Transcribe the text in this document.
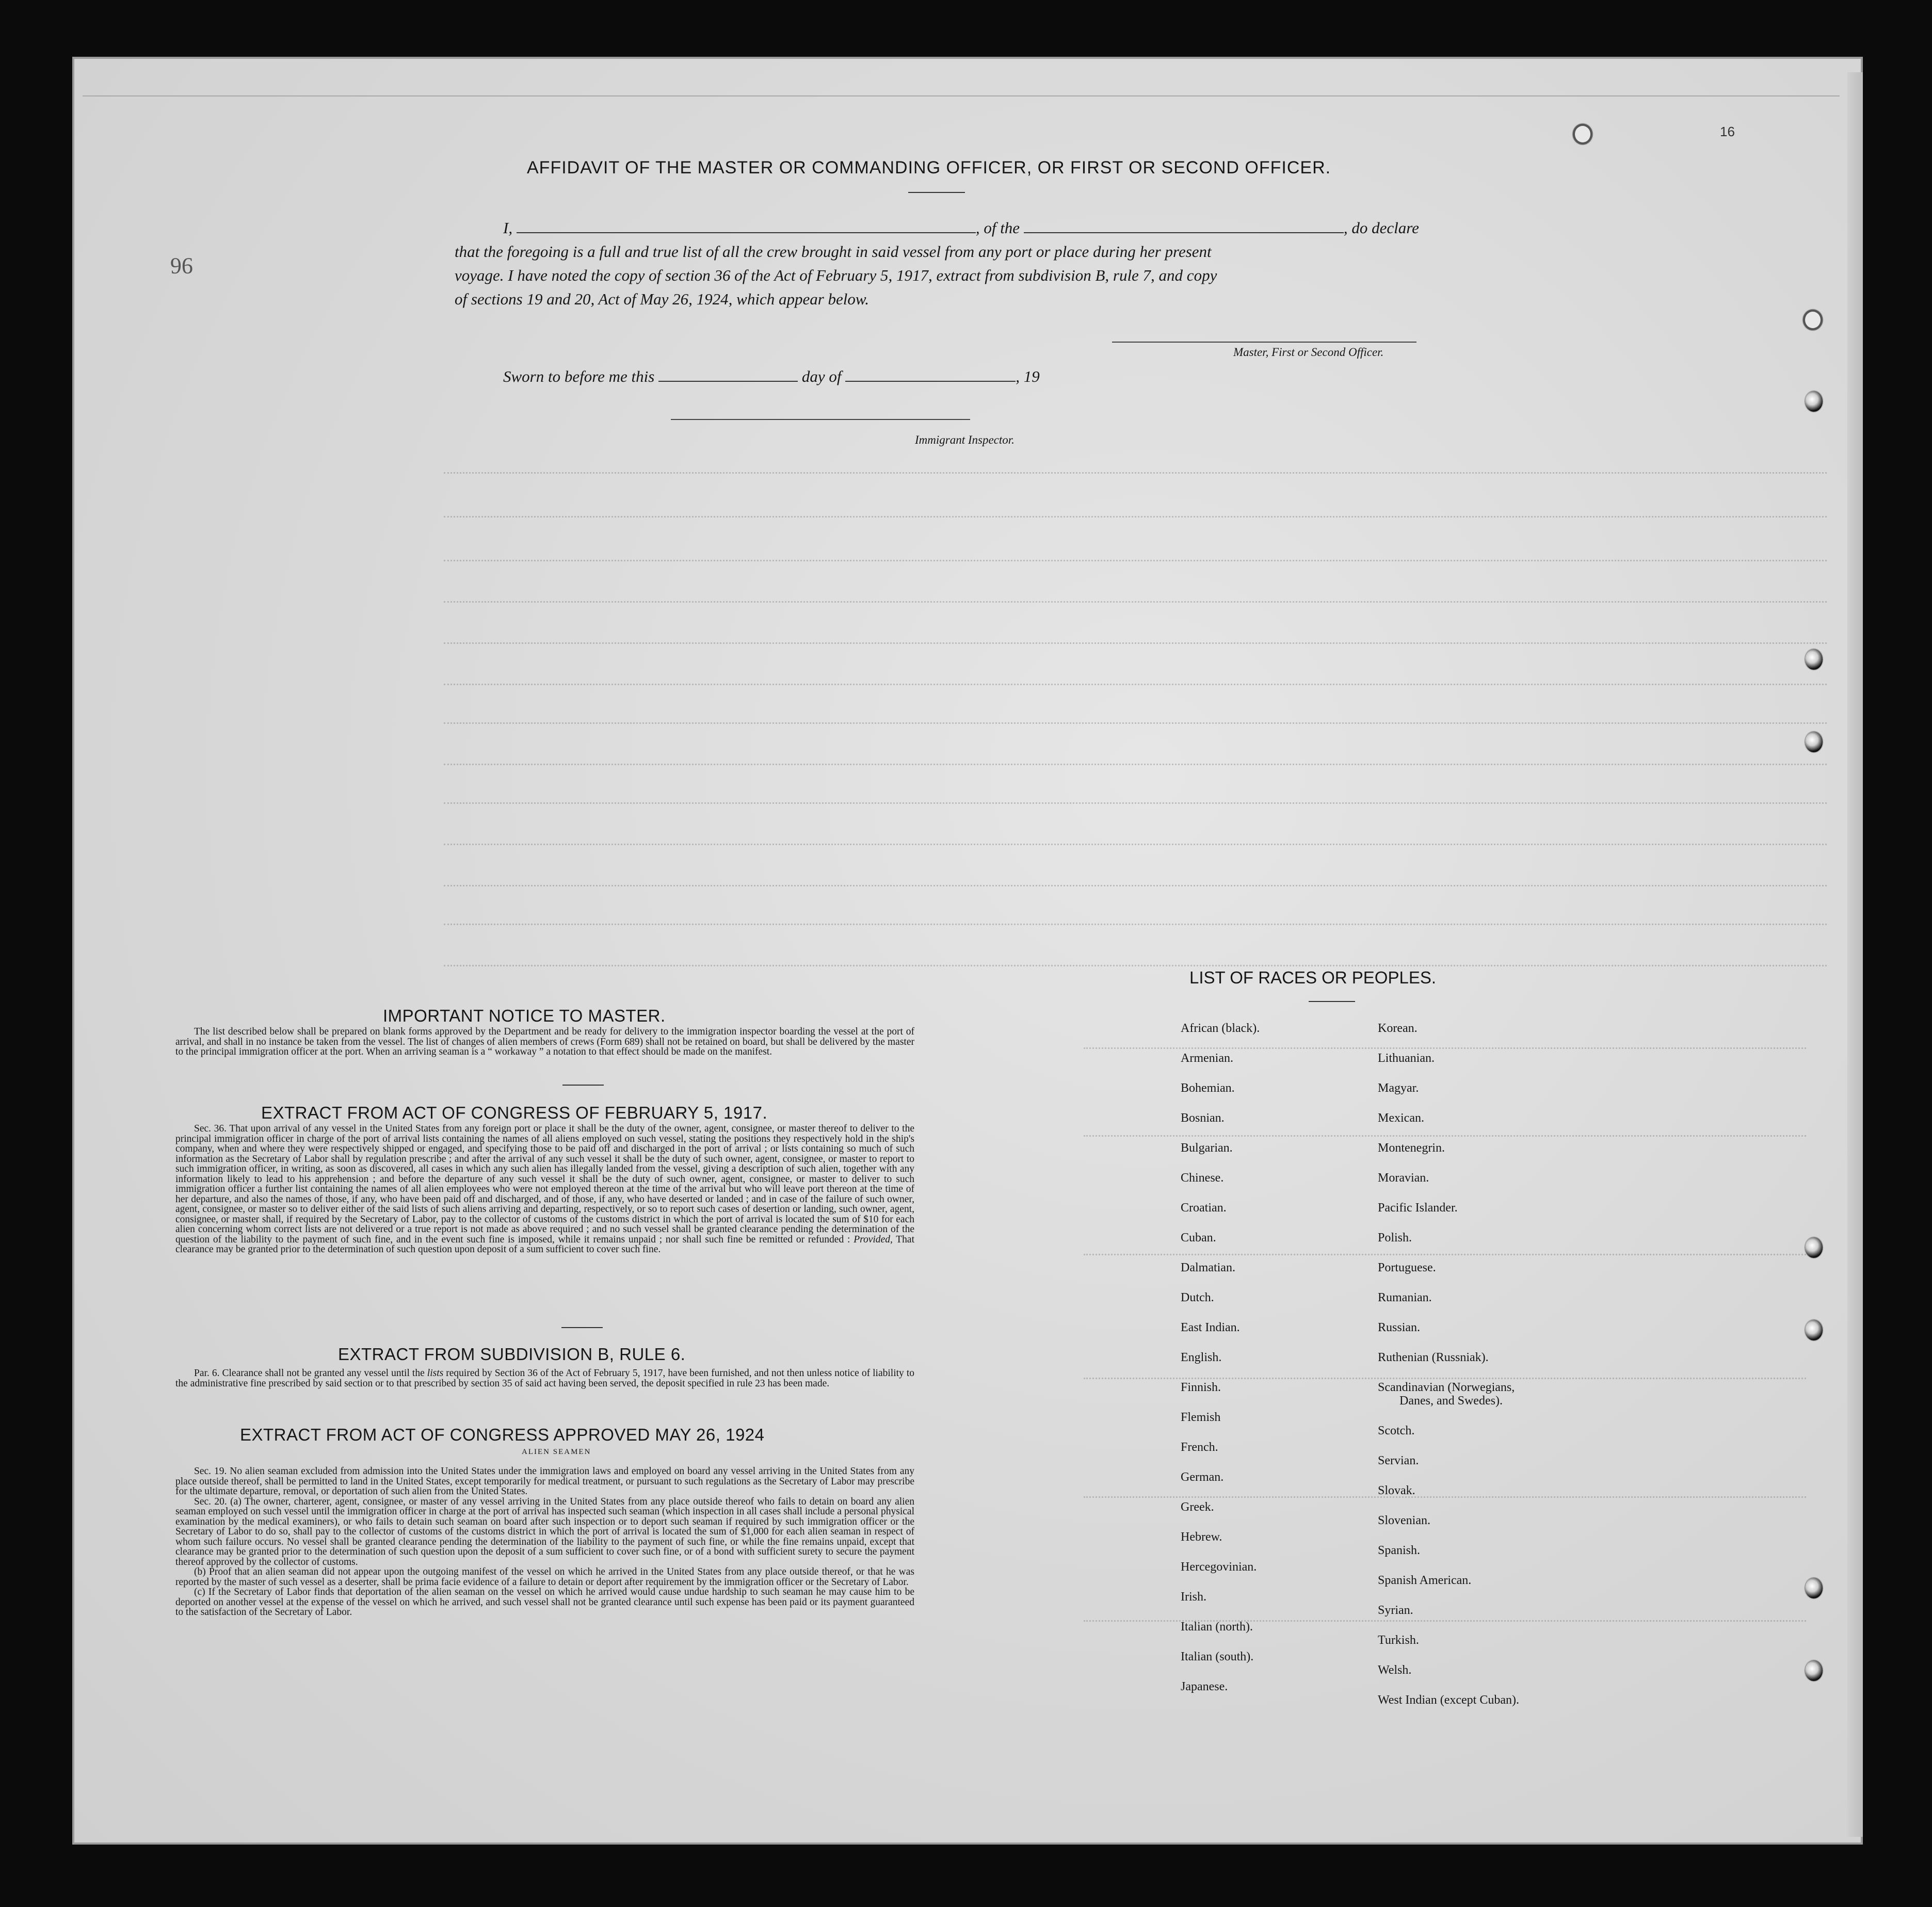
16
96
AFFIDAVIT OF THE MASTER OR COMMANDING OFFICER, OR FIRST OR SECOND OFFICER.
I,	, of the	, do declare
that the foregoing is a full and true list of all the crew brought in said vessel from any port or place during her present
voyage. I have noted the copy of section 36 of the Act of February 5, 1917, extract from subdivision B, rule 7, and copy
of sections 19 and 20, Act of May 26, 1924, which appear below.
Master, First or Second Officer.
Sworn to before me this	day of	, 19
Immigrant Inspector.
IMPORTANT NOTICE TO MASTER.
The list described below shall be prepared on blank forms approved by the Department and be ready for delivery to the immigration inspector boarding the vessel at the port of arrival, and shall in no instance be taken from the vessel. The list of changes of alien members of crews (Form 689) shall not be retained on board, but shall be delivered by the master to the principal immigration officer at the port. When an arriving seaman is a “ workaway ” a notation to that effect should be made on the manifest.
EXTRACT FROM ACT OF CONGRESS OF FEBRUARY 5, 1917.

Sec. 36. That upon arrival of any vessel in the United States from any foreign port or place it shall be the duty of the owner, agent, consignee, or master thereof to deliver to the principal immigration officer in charge of the port of arrival lists containing the names of all aliens employed on such vessel, stating the positions they respectively hold in the ship's company, when and where they were respectively shipped or engaged, and specifying those to be paid off and discharged in the port of arrival ; or lists containing so much of such information as the Secretary of Labor shall by regulation prescribe ; and after the arrival of any such vessel it shall be the duty of such owner, agent, consignee, or master to report to such immigration officer, in writing, as soon as discovered, all cases in which any such alien has illegally landed from the vessel, giving a description of such alien, together with any information likely to lead to his apprehension ; and before the departure of any such vessel it shall be the duty of such owner, agent, consignee, or master to deliver to such immigration officer a further list containing the names of all alien employees who were not employed thereon at the time of the arrival but who will leave port thereon at the time of her departure, and also the names of those, if any, who have been paid off and discharged, and of those, if any, who have deserted or landed ; and in case of the failure of such owner, agent, consignee, or master so to deliver either of the said lists of such aliens arriving and departing, respectively, or so to report such cases of desertion or landing, such owner, agent, consignee, or master shall, if required by the Secretary of Labor, pay to the collector of customs of the customs district in which the port of arrival is located the sum of $10 for each alien concerning whom correct lists are not delivered or a true report is not made as above required ; and no such vessel shall be granted clearance pending the determination of the question of the liability to the payment of such fine, and in the event such fine is imposed, while it remains unpaid ; nor shall such fine be remitted or refunded : Provided, That clearance may be granted prior to the determination of such question upon deposit of a sum sufficient to cover such fine.

EXTRACT FROM SUBDIVISION B, RULE 6.

Par. 6. Clearance shall not be granted any vessel until the lists required by Section 36 of the Act of February 5, 1917, have been furnished, and not then unless notice of liability to the administrative fine prescribed by said section or to that prescribed by section 35 of said act having been served, the deposit specified in rule 23 has been made.

EXTRACT FROM ACT OF CONGRESS APPROVED MAY 26, 1924
ALIEN SEAMEN

Sec. 19. No alien seaman excluded from admission into the United States under the immigration laws and employed on board any vessel arriving in the United States from any place outside thereof, shall be permitted to land in the United States, except temporarily for medical treatment, or pursuant to such regulations as the Secretary of Labor may prescribe for the ultimate departure, removal, or deportation of such alien from the United States.

Sec. 20. (a) The owner, charterer, agent, consignee, or master of any vessel arriving in the United States from any place outside thereof who fails to detain on board any alien seaman employed on such vessel until the immigration officer in charge at the port of arrival has inspected such seaman (which inspection in all cases shall include a personal physical examination by the medical examiners), or who fails to detain such seaman on board after such inspection or to deport such seaman if required by such immigration officer or the Secretary of Labor to do so, shall pay to the collector of customs of the customs district in which the port of arrival is located the sum of $1,000 for each alien seaman in respect of whom such failure occurs. No vessel shall be granted clearance pending the determination of the liability to the payment of such fine, or while the fine remains unpaid, except that clearance may be granted prior to the determination of such question upon the deposit of a sum sufficient to cover such fine, or of a bond with sufficient surety to secure the payment thereof approved by the collector of customs.

(b) Proof that an alien seaman did not appear upon the outgoing manifest of the vessel on which he arrived in the United States from any place outside thereof, or that he was reported by the master of such vessel as a deserter, shall be prima facie evidence of a failure to detain or deport after requirement by the immigration officer or the Secretary of Labor.

(c) If the Secretary of Labor finds that deportation of the alien seaman on the vessel on which he arrived would cause undue hardship to such seaman he may cause him to be deported on another vessel at the expense of the vessel on which he arrived, and such vessel shall not be granted clearance until such expense has been paid or its payment guaranteed to the satisfaction of the Secretary of Labor.

LIST OF RACES OR PEOPLES.
African (black).
Armenian.
Bohemian.
Bosnian.
Bulgarian.
Chinese.
Croatian.
Cuban.
Dalmatian.
Dutch.
East Indian.
English.
Finnish.
Flemish
French.
German.
Greek.
Hebrew.
Hercegovinian.
Irish.
Italian (north).
Italian (south).
Japanese.
Korean.
Lithuanian.
Magyar.
Mexican.
Montenegrin.
Moravian.
Pacific Islander.
Polish.
Portuguese.
Rumanian.
Russian.
Ruthenian (Russniak).
Scandinavian (Norwegians,
Danes, and Swedes).
Scotch.
Servian.
Slovak.
Slovenian.
Spanish.
Spanish American.
Syrian.
Turkish.
Welsh.
West Indian (except Cuban).
